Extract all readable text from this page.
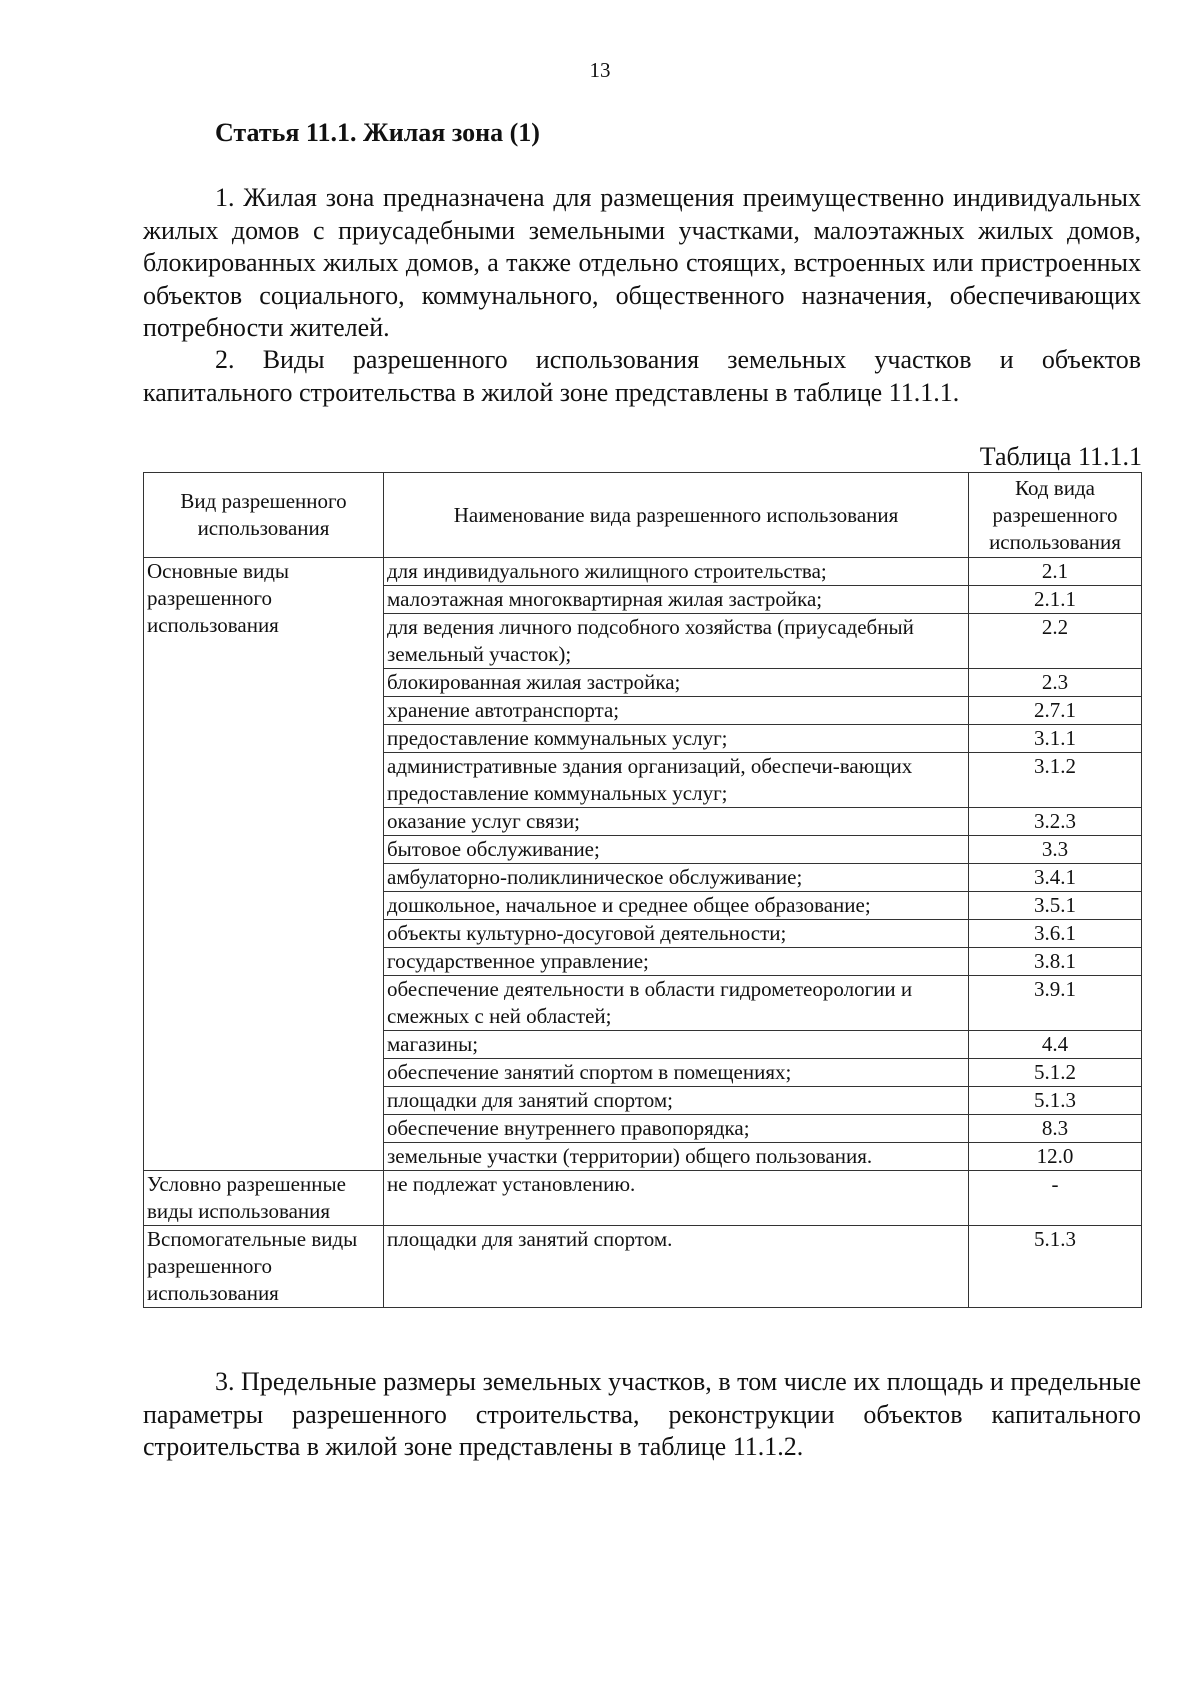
13
Статья 11.1. Жилая зона (1)

1. Жилая зона предназначена для размещения преимущественно индивидуальных жилых домов с приусадебными земельными участками, малоэтажных жилых домов, блокированных жилых домов, а также отдельно стоящих, встроенных или пристроенных объектов социального, коммунального, общественного назначения, обеспечивающих потребности жителей.

2. Виды разрешенного использования земельных участков и объектов капитального строительства в жилой зоне представлены в таблице 11.1.1.

Таблица 11.1.1
Вид разрешенного использования	Наименование вида разрешенного использования	Код вида разрешенного использования
Основные виды разрешенного использования	для индивидуального жилищного строительства;	2.1
	малоэтажная многоквартирная жилая застройка;	2.1.1
	для ведения личного подсобного хозяйства (приусадебный земельный участок);	2.2
	блокированная жилая застройка;	2.3
	хранение автотранспорта;	2.7.1
	предоставление коммунальных услуг;	3.1.1
	административные здания организаций, обеспечи-вающих предоставление коммунальных услуг;	3.1.2
	оказание услуг связи;	3.2.3
	бытовое обслуживание;	3.3
	амбулаторно-поликлиническое обслуживание;	3.4.1
	дошкольное, начальное и среднее общее образование;	3.5.1
	объекты культурно-досуговой деятельности;	3.6.1
	государственное управление;	3.8.1
	обеспечение деятельности в области гидрометеорологии и смежных с ней областей;	3.9.1
	магазины;	4.4
	обеспечение занятий спортом в помещениях;	5.1.2
	площадки для занятий спортом;	5.1.3
	обеспечение внутреннего правопорядка;	8.3
	земельные участки (территории) общего пользования.	12.0
Условно разрешенные виды использования	не подлежат установлению.	-
Вспомогательные виды разрешенного использования	площадки для занятий спортом.	5.1.3

3. Предельные размеры земельных участков, в том числе их площадь и предельные параметры разрешенного строительства, реконструкции объектов капитального строительства в жилой зоне представлены в таблице 11.1.2.
